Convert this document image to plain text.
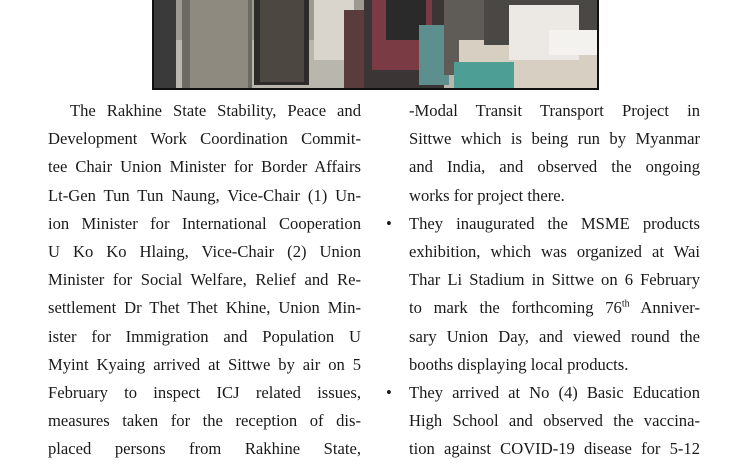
The Rakhine State Stability, Peace and
Development Work Coordination Commit-
tee Chair Union Minister for Border Affairs
Lt-Gen Tun Tun Naung, Vice-Chair (1) Un-
ion Minister for International Cooperation
U Ko Ko Hlaing, Vice-Chair (2) Union
Minister for Social Welfare, Relief and Re-
settlement Dr Thet Thet Khine, Union Min-
ister for Immigration and Population U
Myint Kyaing arrived at Sittwe by air on 5
February to inspect ICJ related issues,
measures taken for the reception of dis-
placed persons from Rakhine State,
-Modal Transit Transport Project in
Sittwe which is being run by Myanmar
and India, and observed the ongoing
works for project there.
• They inaugurated the MSME products
exhibition, which was organized at Wai
Thar Li Stadium in Sittwe on 6 February
to mark the forthcoming 76th Anniver-
sary Union Day, and viewed round the
booths displaying local products.
• They arrived at No (4) Basic Education
High School and observed the vaccina-
tion against COVID-19 disease for 5-12
